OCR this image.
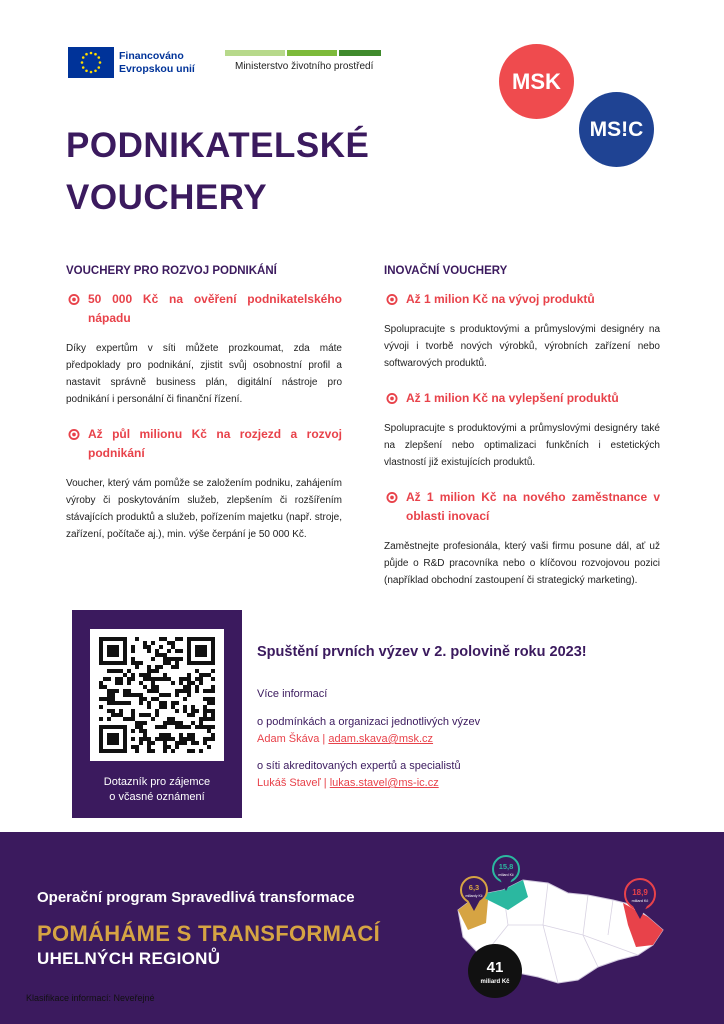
Financováno
Evropskou unií	Ministerstvo životního prostředí
MSK
MS!C
PODNIKATELSKÉ
VOUCHERY
VOUCHERY PRO ROZVOJ PODNIKÁNÍ
50 000 Kč na ověření podnikatelského nápadu
Díky expertům v síti můžete prozkoumat, zda máte předpoklady pro podnikání, zjistit svůj osobnostní profil a nastavit správně business plán, digitální nástroje pro podnikání i personální či finanční řízení.
Až půl milionu Kč na rozjezd a rozvoj podnikání
Voucher, který vám pomůže se založením podniku, zahájením výroby či poskytováním služeb, zlepšením či rozšířením stávajících produktů a služeb, pořízením majetku (např. stroje, zařízení, počítače aj.), min. výše čerpání je 50 000 Kč.
INOVAČNÍ VOUCHERY
Až 1 milion Kč na vývoj produktů
Spolupracujte s produktovými a průmyslovými designéry na vývoji i tvorbě nových výrobků, výrobních zařízení nebo softwarových produktů.
Až 1 milion Kč na vylepšení produktů
Spolupracujte s produktovými a průmyslovými designéry také na zlepšení nebo optimalizaci funkčních i estetických vlastností již existujících produktů.
Až 1 milion Kč na nového zaměstnance v oblasti inovací
Zaměstnejte profesionála, který vaši firmu posune dál, ať už půjde o R&D pracovníka nebo o klíčovou rozvojovou pozici (například obchodní zastoupení či strategický marketing).
Dotazník pro zájemce
o včasné oznámení
Spuštění prvních výzev v 2. polovině roku 2023!
Více informací
o podmínkách a organizaci jednotlivých výzev
Adam Škáva | adam.skava@msk.cz
o síti akreditovaných expertů a specialistů
Lukáš Staveľ | lukas.stavel@ms-ic.cz
Operační program Spravedlivá transformace
POMÁHÁME S TRANSFORMACÍ
UHELNÝCH REGIONŮ
Klasifikace informací: Neveřejné
6,3
miliardy Kč
15,8
miliard Kč
18,9
miliard Kč
41
miliard Kč
